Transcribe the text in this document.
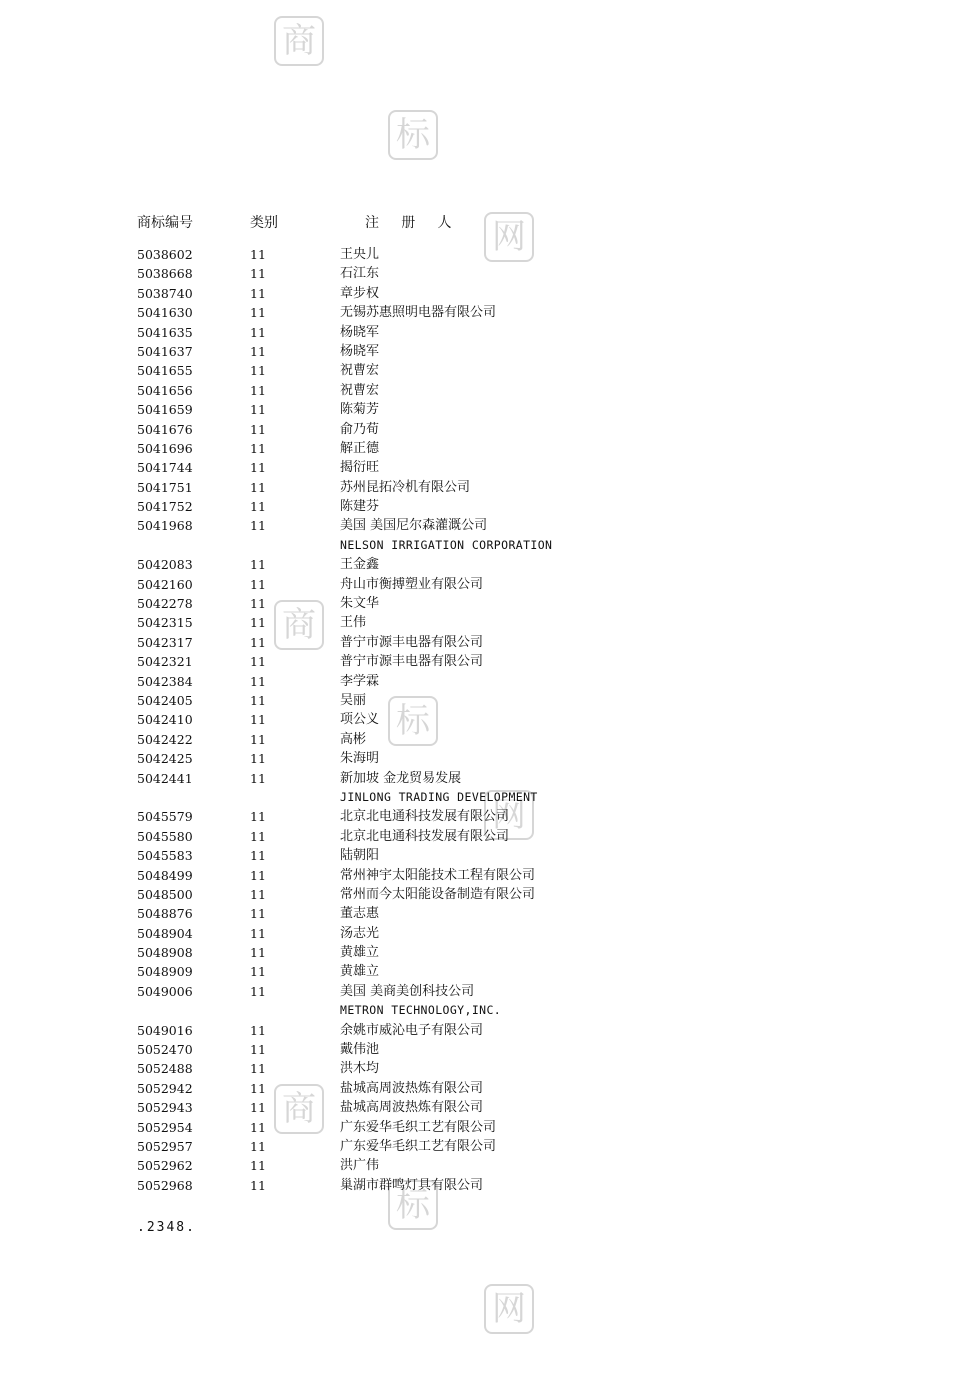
商
标
网
商
标
网
商
标
网
商标编号	类别	注 册 人
5038602	11	王央儿
5038668	11	石江东
5038740	11	章步权
5041630	11	无锡苏惠照明电器有限公司
5041635	11	杨晓军
5041637	11	杨晓军
5041655	11	祝曹宏
5041656	11	祝曹宏
5041659	11	陈菊芳
5041676	11	俞乃荀
5041696	11	解正德
5041744	11	揭衍旺
5041751	11	苏州昆拓冷机有限公司
5041752	11	陈建芬
5041968	11	美国 美国尼尔森灌溉公司
NELSON IRRIGATION CORPORATION
5042083	11	王金鑫
5042160	11	舟山市衡搏塑业有限公司
5042278	11	朱文华
5042315	11	王伟
5042317	11	普宁市源丰电器有限公司
5042321	11	普宁市源丰电器有限公司
5042384	11	李学霖
5042405	11	吴丽
5042410	11	项公义
5042422	11	高彬
5042425	11	朱海明
5042441	11	新加坡 金龙贸易发展
JINLONG TRADING DEVELOPMENT
5045579	11	北京北电通科技发展有限公司
5045580	11	北京北电通科技发展有限公司
5045583	11	陆朝阳
5048499	11	常州神宇太阳能技术工程有限公司
5048500	11	常州而今太阳能设备制造有限公司
5048876	11	董志惠
5048904	11	汤志光
5048908	11	黄雄立
5048909	11	黄雄立
5049006	11	美国 美商美创科技公司
METRON TECHNOLOGY,INC.
5049016	11	余姚市威沁电子有限公司
5052470	11	戴伟池
5052488	11	洪木均
5052942	11	盐城高周波热炼有限公司
5052943	11	盐城高周波热炼有限公司
5052954	11	广东爱华毛织工艺有限公司
5052957	11	广东爱华毛织工艺有限公司
5052962	11	洪广伟
5052968	11	巢湖市群鸣灯具有限公司
.2348.
